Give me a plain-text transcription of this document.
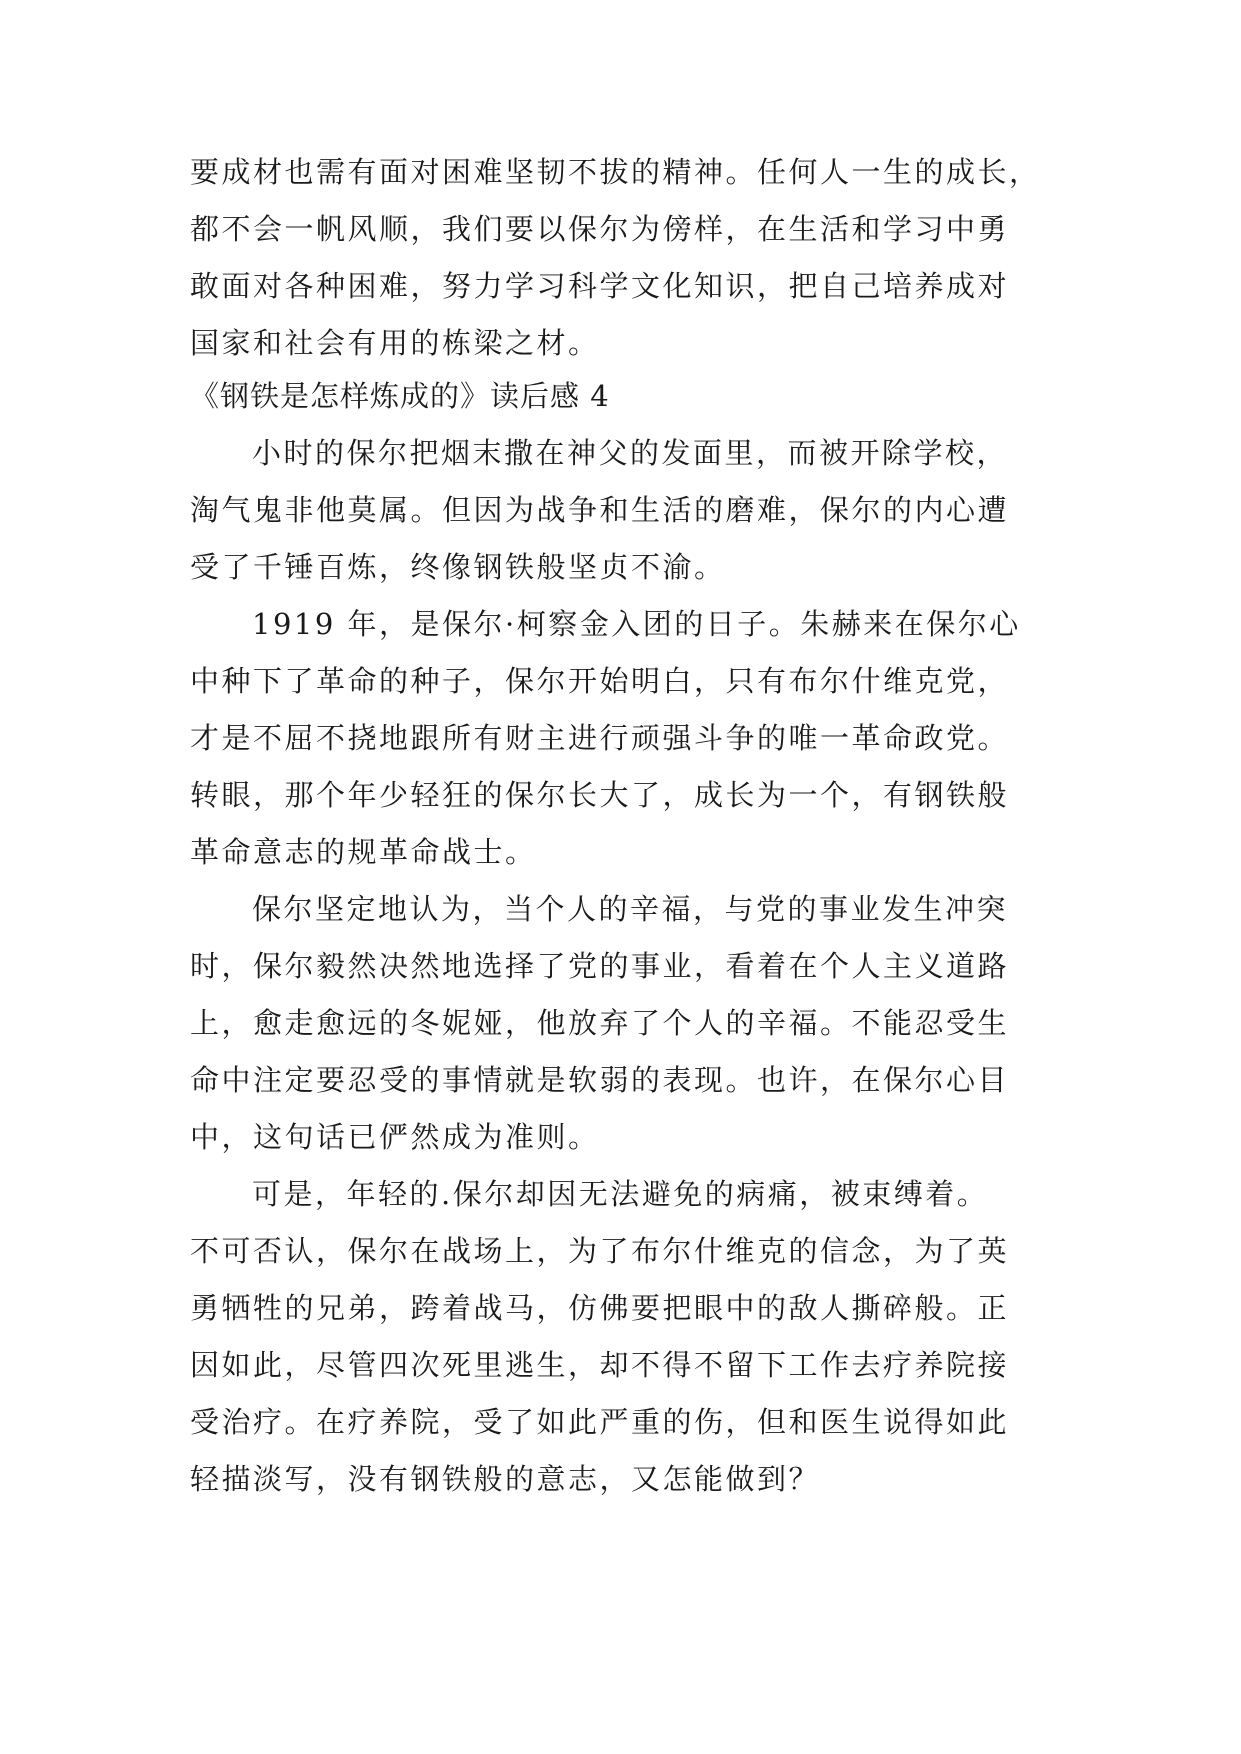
要成材也需有面对困难坚韧不拔的精神。任何人一生的成长，
都不会一帆风顺，我们要以保尔为傍样，在生活和学习中勇
敢面对各种困难，努力学习科学文化知识，把自己培养成对
国家和社会有用的栋梁之材。
《钢铁是怎样炼成的》读后感 4
小时的保尔把烟末撒在神父的发面里，而被开除学校，
淘气鬼非他莫属。但因为战争和生活的磨难，保尔的内心遭
受了千锤百炼，终像钢铁般坚贞不渝。
1919 年，是保尔·柯察金入团的日子。朱赫来在保尔心
中种下了革命的种子，保尔开始明白，只有布尔什维克党，
才是不屈不挠地跟所有财主进行顽强斗争的唯一革命政党。
转眼，那个年少轻狂的保尔长大了，成长为一个，有钢铁般
革命意志的规革命战士。
保尔坚定地认为，当个人的辛福，与党的事业发生冲突
时，保尔毅然决然地选择了党的事业，看着在个人主义道路
上，愈走愈远的冬妮娅，他放弃了个人的辛福。不能忍受生
命中注定要忍受的事情就是软弱的表现。也许，在保尔心目
中，这句话已俨然成为准则。
可是，年轻的.保尔却因无法避免的病痛，被束缚着。
不可否认，保尔在战场上，为了布尔什维克的信念，为了英
勇牺牲的兄弟，跨着战马，仿佛要把眼中的敌人撕碎般。正
因如此，尽管四次死里逃生，却不得不留下工作去疗养院接
受治疗。在疗养院，受了如此严重的伤，但和医生说得如此
轻描淡写，没有钢铁般的意志，又怎能做到？
